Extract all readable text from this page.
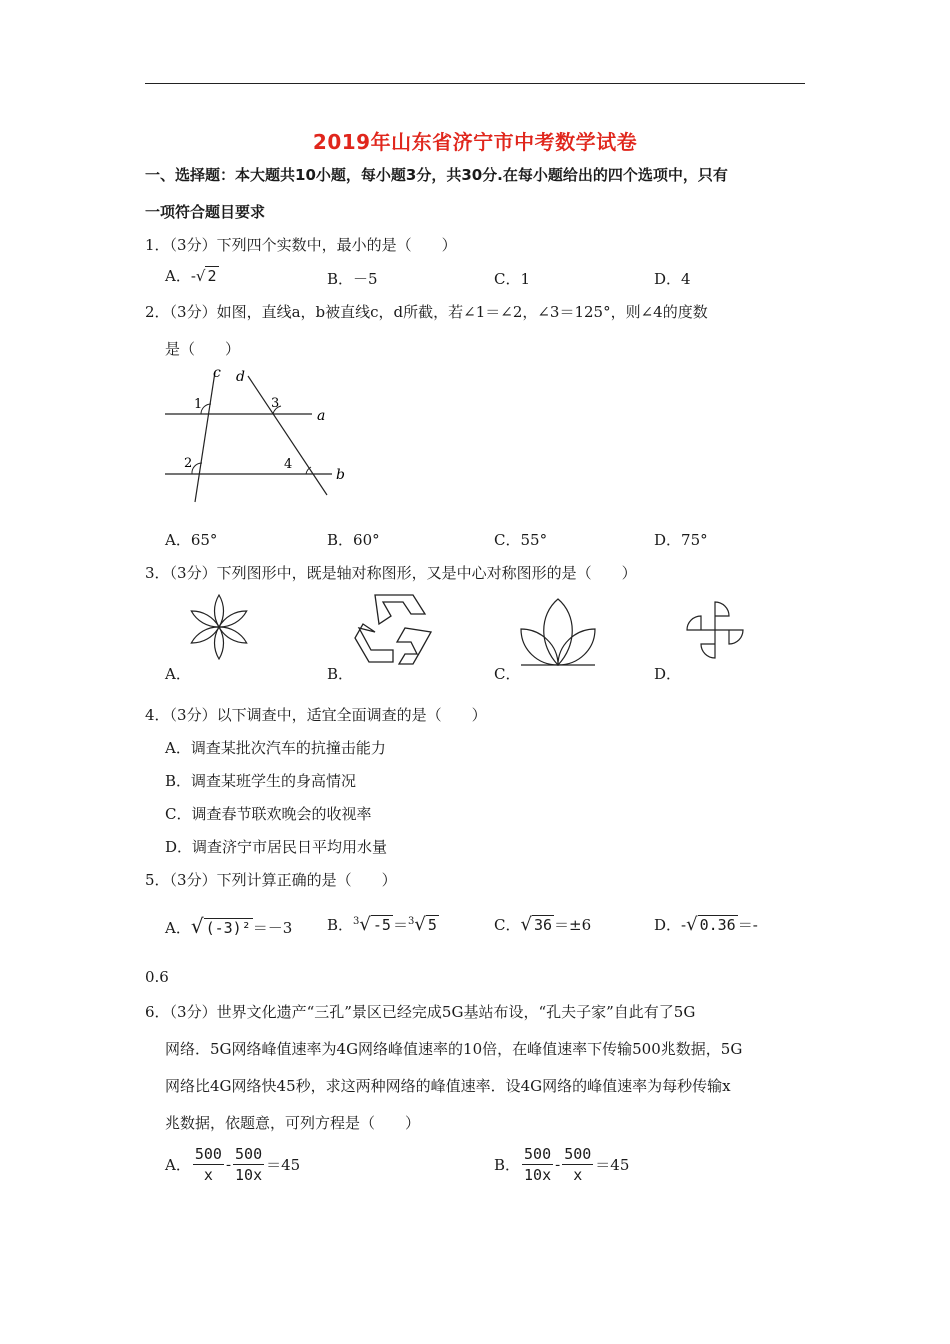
2019年山东省济宁市中考数学试卷
一、选择题：本大题共10小题，每小题3分，共30分.在每小题给出的四个选项中，只有
一项符合题目要求
1．（3分）下列四个实数中，最小的是（　　）
A．-√ 2	B．－5	C．1	D．4
2．（3分）如图，直线a，b被直线c，d所截，若∠1＝∠2，∠3＝125°，则∠4的度数
是（　　）
c d
a
b
1
2
3
4
A．65°	B．60°	C．55°	D．75°
3．（3分）下列图形中，既是轴对称图形，又是中心对称图形的是（　　）
A．	B．	C．	D．
4．（3分）以下调查中，适宜全面调查的是（　　）
A．调查某批次汽车的抗撞击能力
B．调查某班学生的身高情况
C．调查春节联欢晚会的收视率
D．调查济宁市居民日平均用水量
5．（3分）下列计算正确的是（　　）
A．√ (-3)² ＝－3 B．$^3$√ -5 ＝$^3$√ 5	C．√ 36 ＝±6	D．-√ 0.36 ＝-
0.6
6．（3分）世界文化遗产“三孔”景区已经完成5G基站布设，“孔夫子家”自此有了5G
网络．5G网络峰值速率为4G网络峰值速率的10倍，在峰值速率下传输500兆数据，5G
网络比4G网络快45秒，求这两种网络的峰值速率．设4G网络的峰值速率为每秒传输x
兆数据，依题意，可列方程是（　　）
A． $\frac{500}{x} - \frac{500}{10x} =45$	B． $\frac{500}{10x} - \frac{500}{x} =45$
